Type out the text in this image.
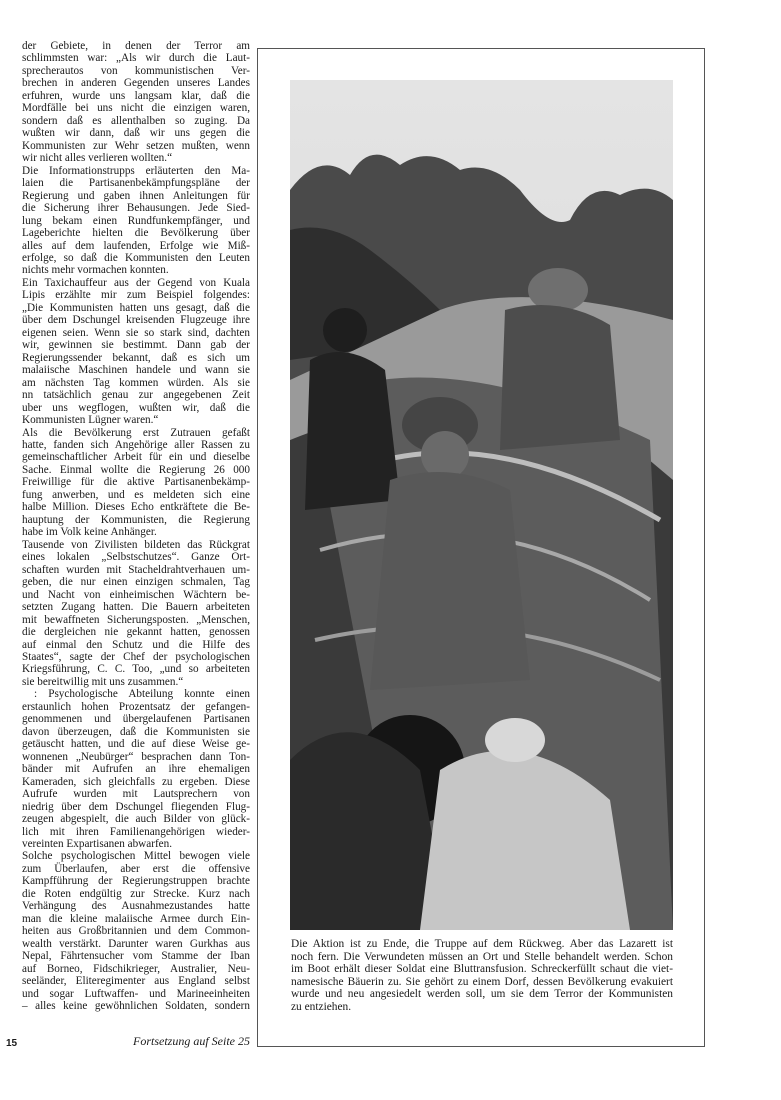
der Gebiete, in denen der Terror am
schlimmsten war: „Als wir durch die Laut-
sprecherautos von kommunistischen Ver-
brechen in anderen Gegenden unseres Landes
erfuhren, wurde uns langsam klar, daß die
Mordfälle bei uns nicht die einzigen waren,
sondern daß es allenthalben so zuging. Da
wußten wir dann, daß wir uns gegen die
Kommunisten zur Wehr setzen mußten, wenn
wir nicht alles verlieren wollten.“
Die Informationstrupps erläuterten den Ma-
laien die Partisanenbekämpfungspläne der
Regierung und gaben ihnen Anleitungen für
die Sicherung ihrer Behausungen. Jede Sied-
lung bekam einen Rundfunkempfänger, und
Lageberichte hielten die Bevölkerung über
alles auf dem laufenden, Erfolge wie Miß-
erfolge, so daß die Kommunisten den Leuten
nichts mehr vormachen konnten.
Ein Taxichauffeur aus der Gegend von Kuala
Lipis erzählte mir zum Beispiel folgendes:
„Die Kommunisten hatten uns gesagt, daß die
über dem Dschungel kreisenden Flugzeuge ihre
eigenen seien. Wenn sie so stark sind, dachten
wir, gewinnen sie bestimmt. Dann gab der
Regierungssender bekannt, daß es sich um
malaiische Maschinen handele und wann sie
am nächsten Tag kommen würden. Als sie
nn tatsächlich genau zur angegebenen Zeit
uber uns wegflogen, wußten wir, daß die
Kommunisten Lügner waren.“
Als die Bevölkerung erst Zutrauen gefaßt
hatte, fanden sich Angehörige aller Rassen zu
gemeinschaftlicher Arbeit für ein und dieselbe
Sache. Einmal wollte die Regierung 26 000
Freiwillige für die aktive Partisanenbekämp-
fung anwerben, und es meldeten sich eine
halbe Million. Dieses Echo entkräftete die Be-
hauptung der Kommunisten, die Regierung
habe im Volk keine Anhänger.
Tausende von Zivilisten bildeten das Rückgrat
eines lokalen „Selbstschutzes“. Ganze Ort-
schaften wurden mit Stacheldrahtverhauen um-
geben, die nur einen einzigen schmalen, Tag
und Nacht von einheimischen Wächtern be-
setzten Zugang hatten. Die Bauern arbeiteten
mit bewaffneten Sicherungsposten. „Menschen,
die dergleichen nie gekannt hatten, genossen
auf einmal den Schutz und die Hilfe des
Staates“, sagte der Chef der psychologischen
Kriegsführung, C. C. Too, „und so arbeiteten
sie bereitwillig mit uns zusammen.“
: Psychologische Abteilung konnte einen
erstaunlich hohen Prozentsatz der gefangen-
genommenen und übergelaufenen Partisanen
davon überzeugen, daß die Kommunisten sie
getäuscht hatten, und die auf diese Weise ge-
wonnenen „Neubürger“ besprachen dann Ton-
bänder mit Aufrufen an ihre ehemaligen
Kameraden, sich gleichfalls zu ergeben. Diese
Aufrufe wurden mit Lautsprechern von
niedrig über dem Dschungel fliegenden Flug-
zeugen abgespielt, die auch Bilder von glück-
lich mit ihren Familienangehörigen wieder-
vereinten Expartisanen abwarfen.
Solche psychologischen Mittel bewogen viele
zum Überlaufen, aber erst die offensive
Kampfführung der Regierungstruppen brachte
die Roten endgültig zur Strecke. Kurz nach
Verhängung des Ausnahmezustandes hatte
man die kleine malaiische Armee durch Ein-
heiten aus Großbritannien und dem Common-
wealth verstärkt. Darunter waren Gurkhas aus
Nepal, Fährtensucher vom Stamme der Iban
auf Borneo, Fidschikrieger, Australier, Neu-
seeländer, Eliteregimenter aus England selbst
und sogar Luftwaffen- und Marineeinheiten
– alles keine gewöhnlichen Soldaten, sondern
Die Aktion ist zu Ende, die Truppe auf dem Rückweg. Aber das Lazarett ist
noch fern. Die Verwundeten müssen an Ort und Stelle behandelt werden. Schon
im Boot erhält dieser Soldat eine Bluttransfusion. Schreckerfüllt schaut die viet-
namesische Bäuerin zu. Sie gehört zu einem Dorf, dessen Bevölkerung evakuiert
wurde und neu angesiedelt werden soll, um sie dem Terror der Kommunisten
zu entziehen.
15	Fortsetzung auf Seite 25
